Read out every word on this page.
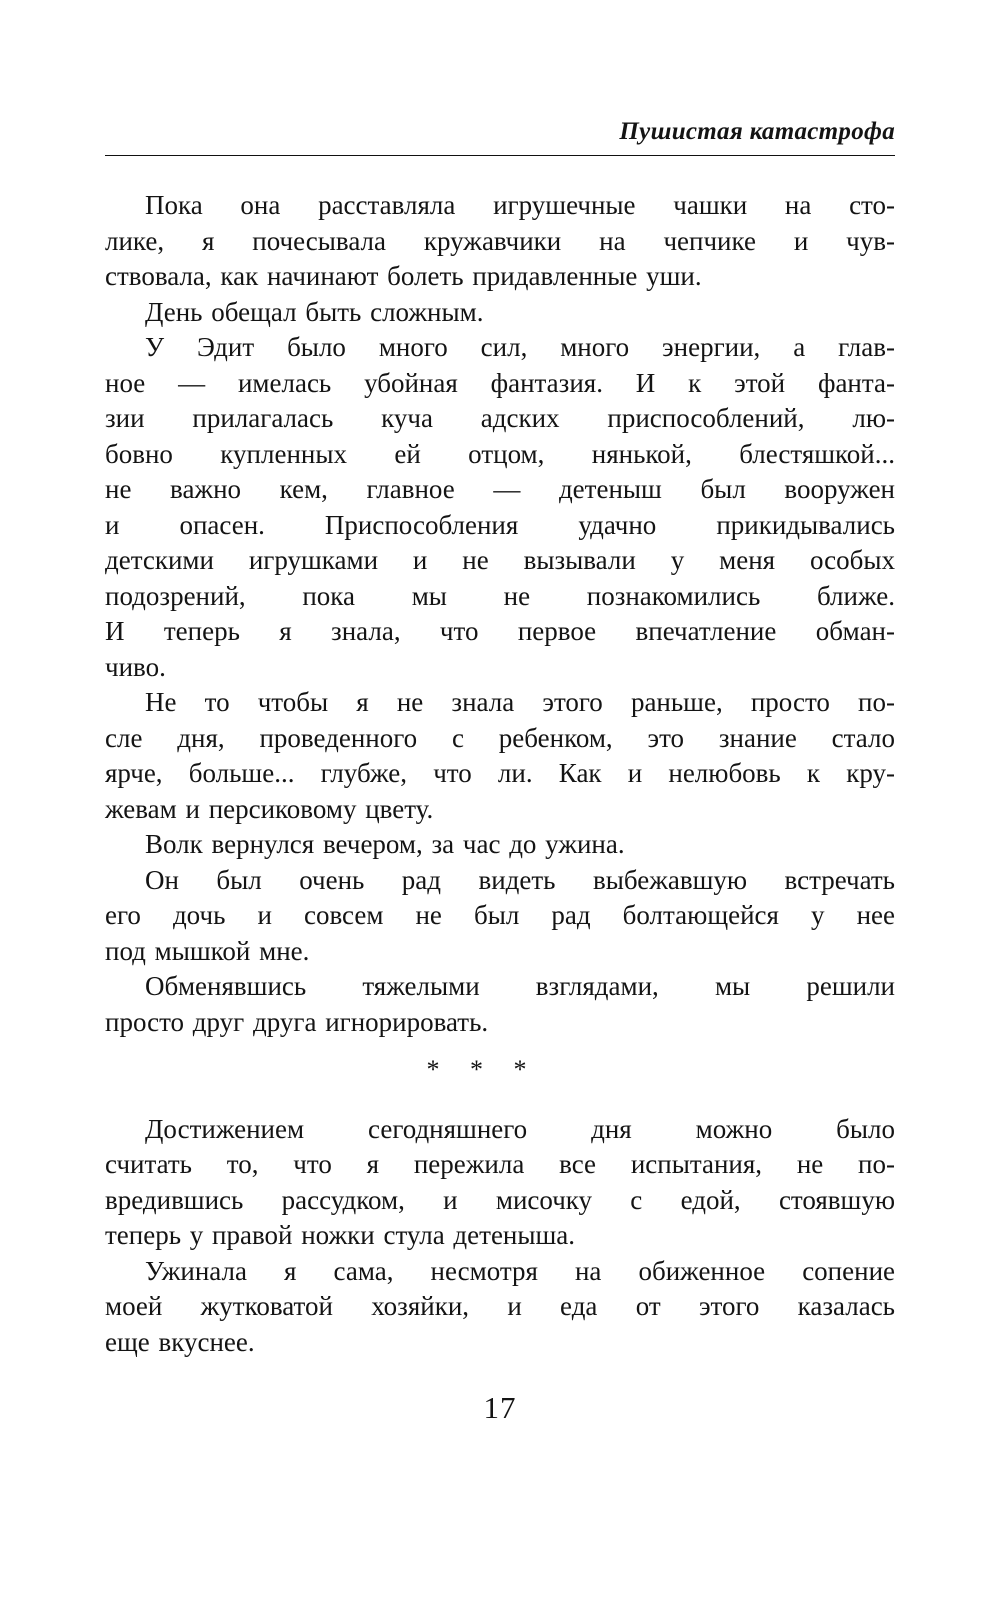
Пушистая катастрофа
Пока она расставляла игрушечные чашки на сто-
лике, я почесывала кружавчики на чепчике и чув-
ствовала, как начинают болеть придавленные уши.
День обещал быть сложным.
У Эдит было много сил, много энергии, а глав-
ное — имелась убойная фантазия. И к этой фанта-
зии прилагалась куча адских приспособлений, лю-
бовно купленных ей отцом, нянькой, блестяшкой...
не важно кем, главное — детеныш был вооружен
и опасен. Приспособления удачно прикидывались
детскими игрушками и не вызывали у меня особых
подозрений, пока мы не познакомились ближе.
И теперь я знала, что первое впечатление обман-
чиво.
Не то чтобы я не знала этого раньше, просто по-
сле дня, проведенного с ребенком, это знание стало
ярче, больше... глубже, что ли. Как и нелюбовь к кру-
жевам и персиковому цвету.
Волк вернулся вечером, за час до ужина.
Он был очень рад видеть выбежавшую встречать
его дочь и совсем не был рад болтающейся у нее
под мышкой мне.
Обменявшись тяжелыми взглядами, мы решили
просто друг друга игнорировать.
* * *
Достижением сегодняшнего дня можно было
считать то, что я пережила все испытания, не по-
вредившись рассудком, и мисочку с едой, стоявшую
теперь у правой ножки стула детеныша.
Ужинала я сама, несмотря на обиженное сопение
моей жутковатой хозяйки, и еда от этого казалась
еще вкуснее.
17
